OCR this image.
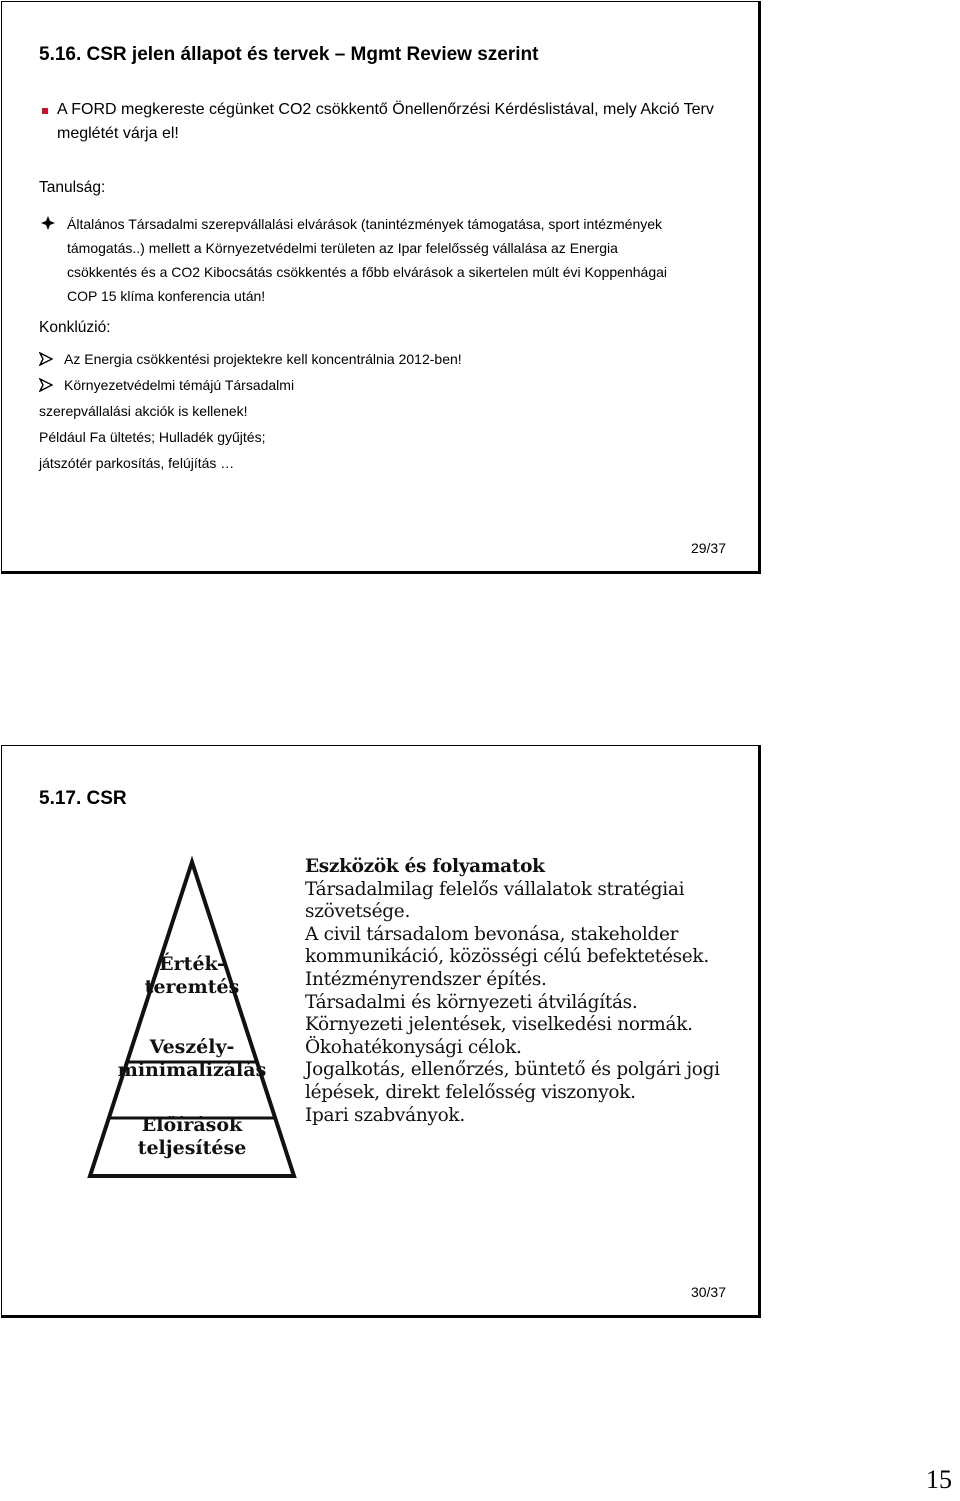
5.16. CSR jelen állapot és tervek – Mgmt Review szerint
A FORD megkereste cégünket CO2 csökkentő Önellenőrzési Kérdéslistával, mely Akció Terv meglétét várja el!
Tanulság:
Általános Társadalmi szerepvállalási elvárások (tanintézmények támogatása, sport intézmények
támogatás..) mellett a Környezetvédelmi területen az Ipar felelősség vállalása az Energia
csökkentés és a CO2 Kibocsátás csökkentés a főbb elvárások a sikertelen múlt évi Koppenhágai
COP 15 klíma konferencia után!
Konklúzió:
Az Energia csökkentési projektekre kell koncentrálnia 2012-ben!
Környezetvédelmi témájú Társadalmi
szerepvállalási akciók is kellenek!
Például Fa ültetés; Hulladék gyűjtés;
játszótér parkosítás, felújítás …
29/37
5.17. CSR
Érték-
teremtés
Veszély-
minimalizálás
Előírások
teljesítése
Eszközök és folyamatok
Társadalmilag felelős vállalatok stratégiai
szövetsége.
A civil társadalom bevonása, stakeholder
kommunikáció, közösségi célú befektetések.
Intézményrendszer építés.
Társadalmi és környezeti átvilágítás.
Környezeti jelentések, viselkedési normák.
Ökohatékonysági célok.
Jogalkotás, ellenőrzés, büntető és polgári jogi
lépések, direkt felelősség viszonyok.
Ipari szabványok.
30/37
15
